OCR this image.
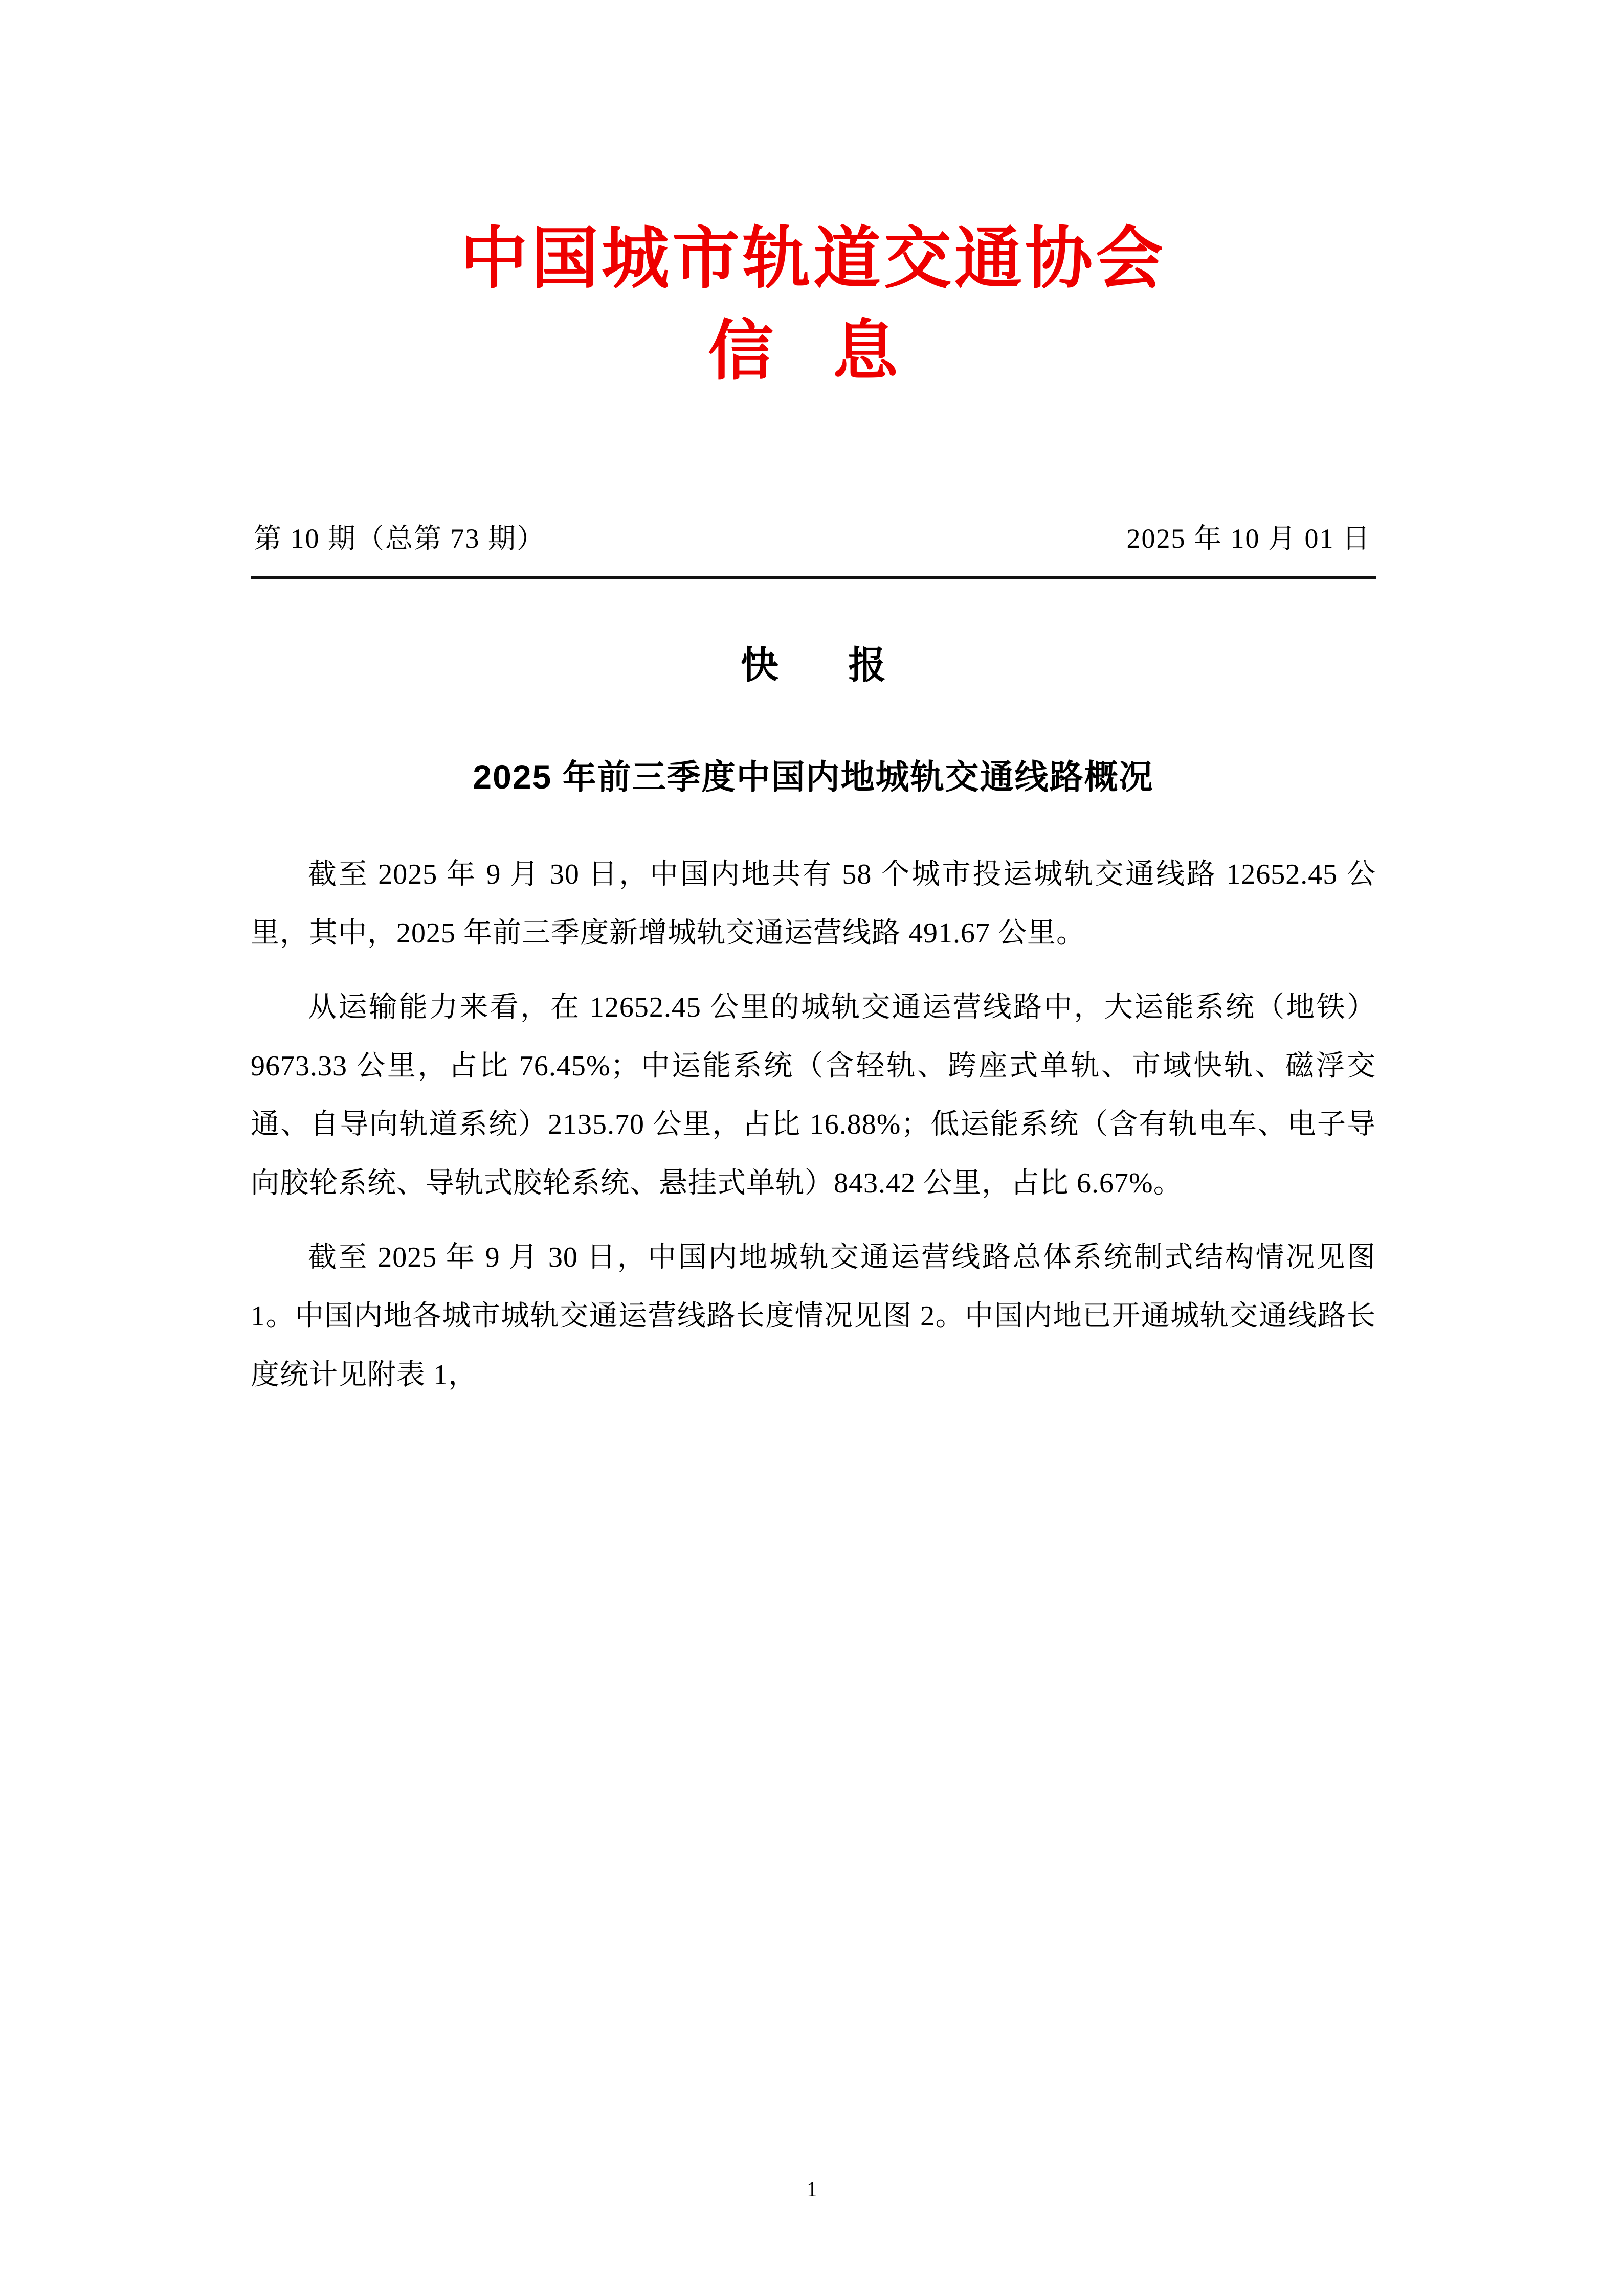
中国城市轨道交通协会
信 息
第 10 期（总第 73 期）	2025 年 10 月 01 日
快 报
2025 年前三季度中国内地城轨交通线路概况

截至 2025 年 9 月 30 日，中国内地共有 58 个城市投运城轨交通线路 12652.45 公里，其中，2025 年前三季度新增城轨交通运营线路 491.67 公里。

从运输能力来看，在 12652.45 公里的城轨交通运营线路中，大运能系统（地铁）9673.33 公里，占比 76.45%；中运能系统（含轻轨、跨座式单轨、市域快轨、磁浮交通、自导向轨道系统）2135.70 公里，占比 16.88%；低运能系统（含有轨电车、电子导向胶轮系统、导轨式胶轮系统、悬挂式单轨）843.42 公里，占比 6.67%。

截至 2025 年 9 月 30 日，中国内地城轨交通运营线路总体系统制式结构情况见图 1。中国内地各城市城轨交通运营线路长度情况见图 2。中国内地已开通城轨交通线路长度统计见附表 1，

1
